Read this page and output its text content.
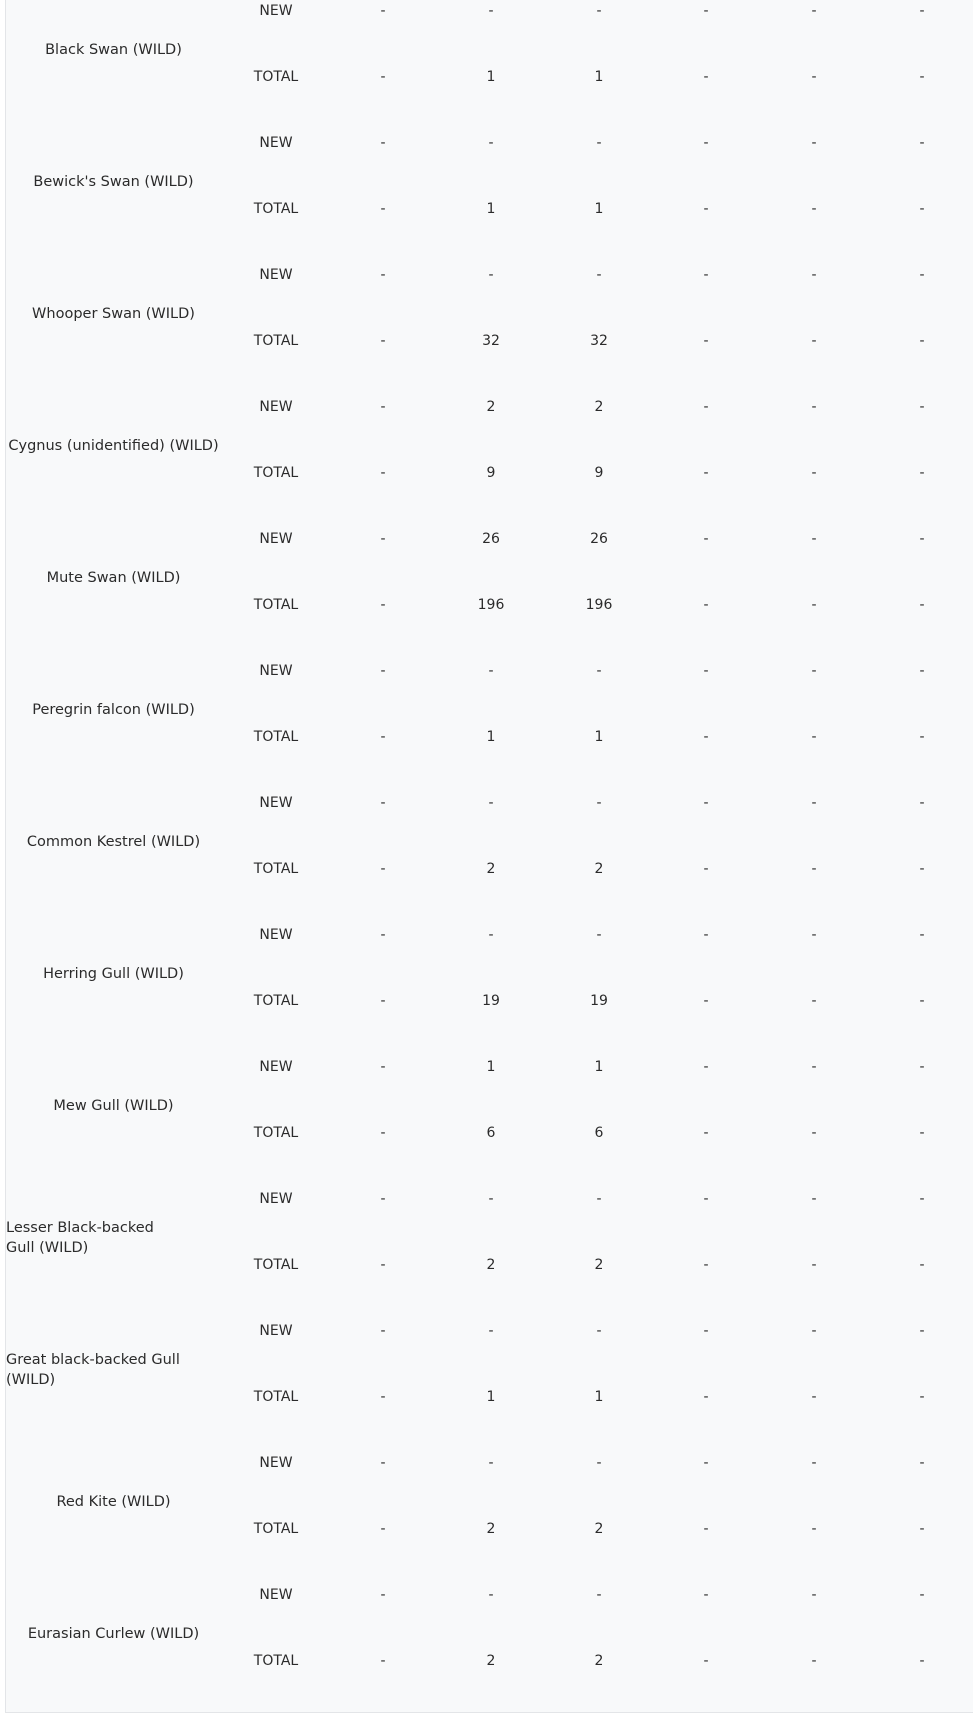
Black Swan (WILD)
NEW	-	-	-	-	-	-
TOTAL	-	1	1	-	-	-
Bewick's Swan (WILD)
NEW	-	-	-	-	-	-
TOTAL	-	1	1	-	-	-
Whooper Swan (WILD)
NEW	-	-	-	-	-	-
TOTAL	-	32	32	-	-	-
Cygnus (unidentified) (WILD)
NEW	-	2	2	-	-	-
TOTAL	-	9	9	-	-	-
Mute Swan (WILD)
NEW	-	26	26	-	-	-
TOTAL	-	196	196	-	-	-
Peregrin falcon (WILD)
NEW	-	-	-	-	-	-
TOTAL	-	1	1	-	-	-
Common Kestrel (WILD)
NEW	-	-	-	-	-	-
TOTAL	-	2	2	-	-	-
Herring Gull (WILD)
NEW	-	-	-	-	-	-
TOTAL	-	19	19	-	-	-
Mew Gull (WILD)
NEW	-	1	1	-	-	-
TOTAL	-	6	6	-	-	-
Lesser Black-backed Gull (WILD)
NEW	-	-	-	-	-	-
TOTAL	-	2	2	-	-	-
Great black-backed Gull (WILD)
NEW	-	-	-	-	-	-
TOTAL	-	1	1	-	-	-
Red Kite (WILD)
NEW	-	-	-	-	-	-
TOTAL	-	2	2	-	-	-
Eurasian Curlew (WILD)
NEW	-	-	-	-	-	-
TOTAL	-	2	2	-	-	-
